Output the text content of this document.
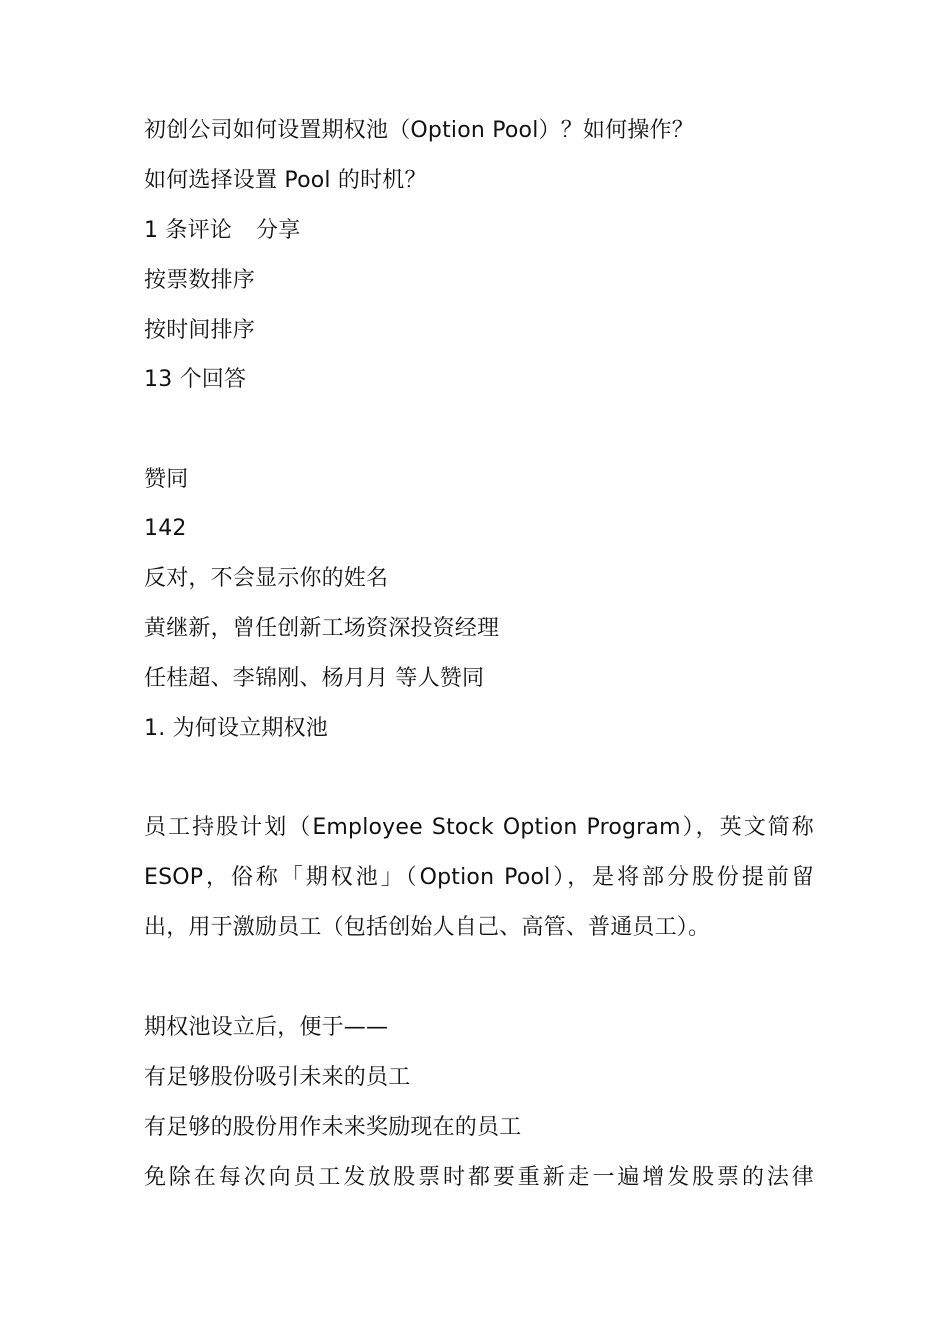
初创公司如何设置期权池（Option Pool）？如何操作？
如何选择设置 Pool 的时机？
1 条评论 分享
按票数排序
按时间排序
13 个回答
赞同
142
反对，不会显示你的姓名
黄继新，曾任创新工场资深投资经理
任桂超、李锦刚、杨月月 等人赞同
1. 为何设立期权池
员工持股计划（Employee Stock Option Program），英文简称
ESOP，俗称「期权池」（Option Pool），是将部分股份提前留
出，用于激励员工（包括创始人自己、高管、普通员工）。
期权池设立后，便于——
有足够股份吸引未来的员工
有足够的股份用作未来奖励现在的员工
免除在每次向员工发放股票时都要重新走一遍增发股票的法律
